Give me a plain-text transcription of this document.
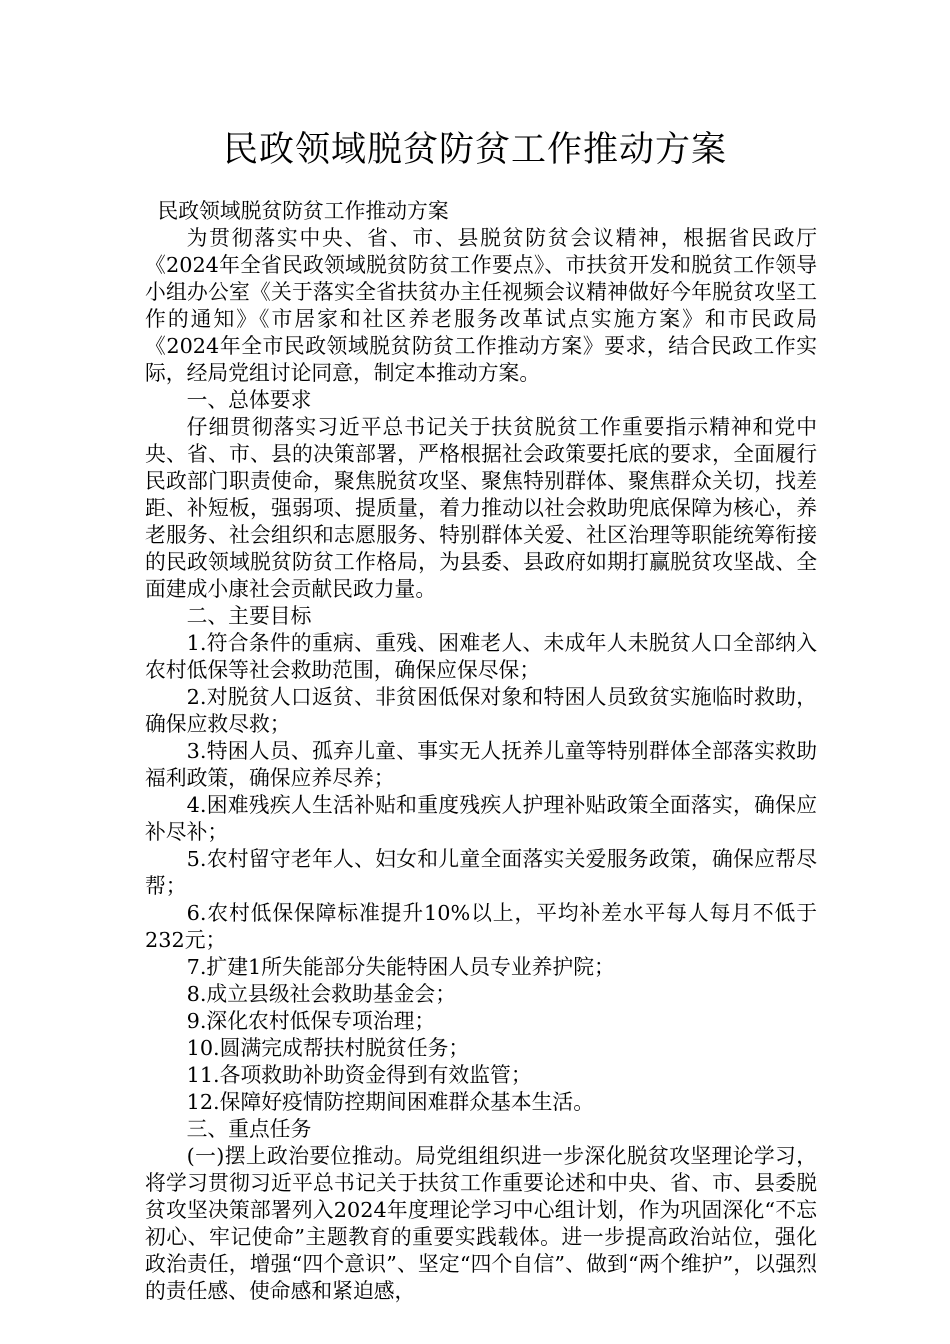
民政领域脱贫防贫工作推动方案

民政领域脱贫防贫工作推动方案

为贯彻落实中央、省、市、县脱贫防贫会议精神，根据省民政厅《2024年全省民政领域脱贫防贫工作要点》、市扶贫开发和脱贫工作领导小组办公室《关于落实全省扶贫办主任视频会议精神做好今年脱贫攻坚工作的通知》《市居家和社区养老服务改革试点实施方案》和市民政局《2024年全市民政领域脱贫防贫工作推动方案》要求，结合民政工作实际，经局党组讨论同意，制定本推动方案。

一、总体要求

仔细贯彻落实习近平总书记关于扶贫脱贫工作重要指示精神和党中央、省、市、县的决策部署，严格根据社会政策要托底的要求，全面履行民政部门职责使命，聚焦脱贫攻坚、聚焦特别群体、聚焦群众关切，找差距、补短板，强弱项、提质量，着力推动以社会救助兜底保障为核心，养老服务、社会组织和志愿服务、特别群体关爱、社区治理等职能统筹衔接的民政领域脱贫防贫工作格局，为县委、县政府如期打赢脱贫攻坚战、全面建成小康社会贡献民政力量。

二、主要目标

1.符合条件的重病、重残、困难老人、未成年人未脱贫人口全部纳入农村低保等社会救助范围，确保应保尽保；

2.对脱贫人口返贫、非贫困低保对象和特困人员致贫实施临时救助，确保应救尽救；

3.特困人员、孤弃儿童、事实无人抚养儿童等特别群体全部落实救助福利政策，确保应养尽养；

4.困难残疾人生活补贴和重度残疾人护理补贴政策全面落实，确保应补尽补；

5.农村留守老年人、妇女和儿童全面落实关爱服务政策，确保应帮尽帮；

6.农村低保保障标准提升10%以上，平均补差水平每人每月不低于232元；

7.扩建1所失能部分失能特困人员专业养护院；

8.成立县级社会救助基金会；

9.深化农村低保专项治理；

10.圆满完成帮扶村脱贫任务；

11.各项救助补助资金得到有效监管；

12.保障好疫情防控期间困难群众基本生活。

三、重点任务

(一)摆上政治要位推动。局党组组织进一步深化脱贫攻坚理论学习，将学习贯彻习近平总书记关于扶贫工作重要论述和中央、省、市、县委脱贫攻坚决策部署列入2024年度理论学习中心组计划，作为巩固深化“不忘初心、牢记使命”主题教育的重要实践载体。进一步提高政治站位，强化政治责任，增强“四个意识”、坚定“四个自信”、做到“两个维护”，以强烈的责任感、使命感和紧迫感，
